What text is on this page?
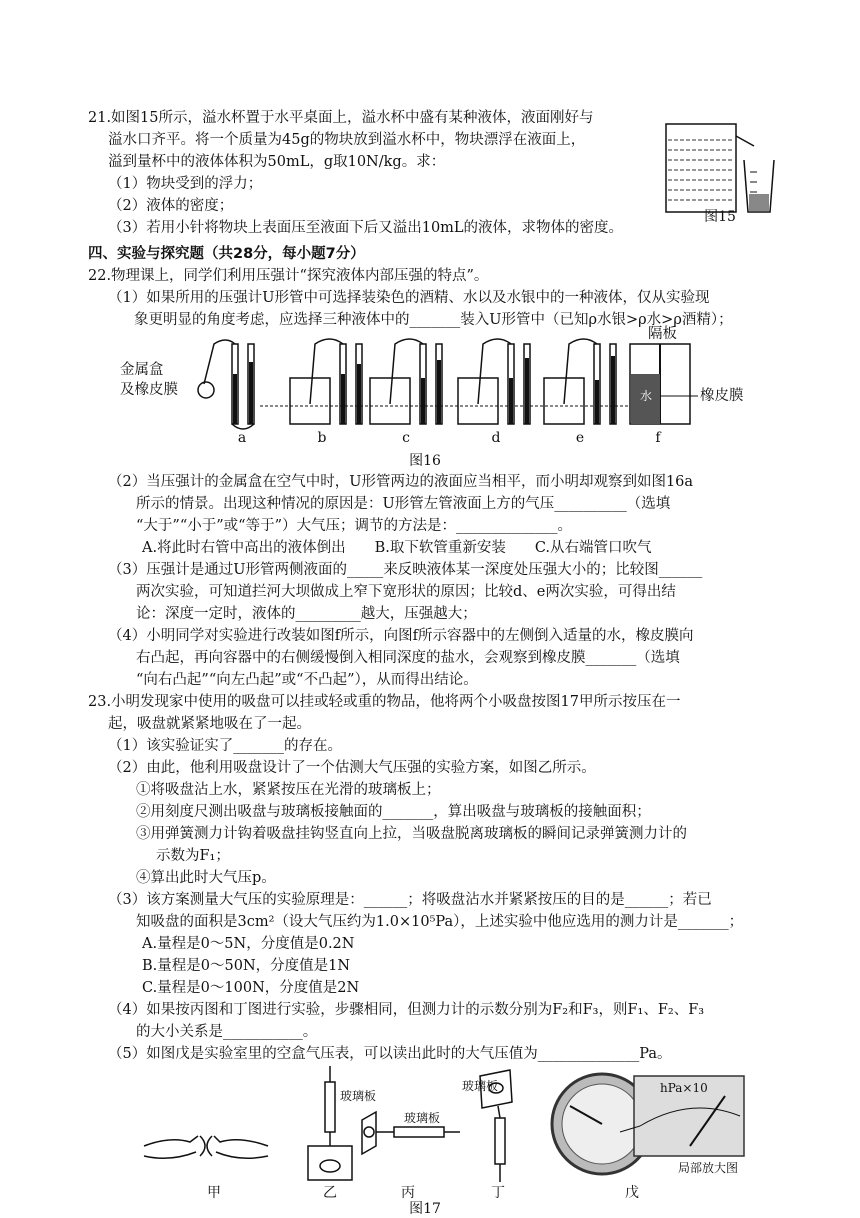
21.如图15所示，溢水杯置于水平桌面上，溢水杯中盛有某种液体，液面刚好与
溢水口齐平。将一个质量为45g的物块放到溢水杯中，物块漂浮在液面上，
溢到量杯中的液体体积为50mL，g取10N/kg。求：
（1）物块受到的浮力；
（2）液体的密度；
（3）若用小针将物块上表面压至液面下后又溢出10mL的液体，求物体的密度。
图15
四、实验与探究题（共28分，每小题7分）
22.物理课上，同学们利用压强计“探究液体内部压强的特点”。
（1）如果所用的压强计U形管中可选择装染色的酒精、水以及水银中的一种液体，仅从实验现
象更明显的角度考虑，应选择三种液体中的_______装入U形管中（已知ρ水银>ρ水>ρ酒精）；
金属盒
及橡皮膜
隔板
橡皮膜
水
a	b	c	d	e	f
图16
（2）当压强计的金属盒在空气中时，U形管两边的液面应当相平，而小明却观察到如图16a
所示的情景。出现这种情况的原因是：U形管左管液面上方的气压__________（选填
“大于”“小于”或“等于”）大气压；调节的方法是：______________。
A.将此时右管中高出的液体倒出　　B.取下软管重新安装　　C.从右端管口吹气
（3）压强计是通过U形管两侧液面的_____来反映液体某一深度处压强大小的；比较图______
两次实验，可知道拦河大坝做成上窄下宽形状的原因；比较d、e两次实验，可得出结
论：深度一定时，液体的_________越大，压强越大；
（4）小明同学对实验进行改装如图f所示，向图f所示容器中的左侧倒入适量的水，橡皮膜向
右凸起，再向容器中的右侧缓慢倒入相同深度的盐水，会观察到橡皮膜_______（选填
“向右凸起”“向左凸起”或“不凸起”），从而得出结论。
23.小明发现家中使用的吸盘可以挂或轻或重的物品，他将两个小吸盘按图17甲所示按压在一
起，吸盘就紧紧地吸在了一起。
（1）该实验证实了_______的存在。
（2）由此，他利用吸盘设计了一个估测大气压强的实验方案，如图乙所示。
①将吸盘沾上水，紧紧按压在光滑的玻璃板上；
②用刻度尺测出吸盘与玻璃板接触面的_______，算出吸盘与玻璃板的接触面积；
③用弹簧测力计钩着吸盘挂钩竖直向上拉，当吸盘脱离玻璃板的瞬间记录弹簧测力计的
示数为F₁；
④算出此时大气压p。
（3）该方案测量大气压的实验原理是：______；将吸盘沾水并紧紧按压的目的是______；若已
知吸盘的面积是3cm²（设大气压约为1.0×10⁵Pa），上述实验中他应选用的测力计是_______；
A.量程是0～5N，分度值是0.2N
B.量程是0～50N，分度值是1N
C.量程是0～100N，分度值是2N
（4）如果按丙图和丁图进行实验，步骤相同，但测力计的示数分别为F₂和F₃，则F₁、F₂、F₃
的大小关系是___________。
（5）如图戊是实验室里的空盒气压表，可以读出此时的大气压值为______________Pa。
玻璃板
玻璃板
玻璃板	hPa×10
局部放大图
甲	乙	丙	丁	戊
图17
